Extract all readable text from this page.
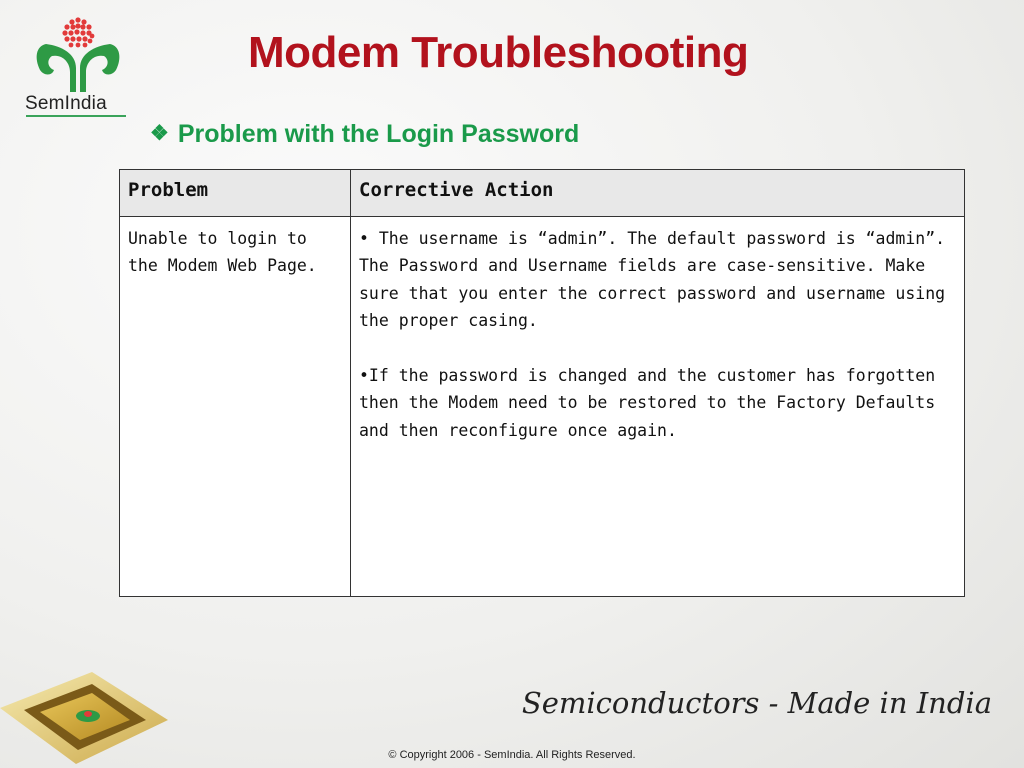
SemIndia
Modem Troubleshooting
❖ Problem with the Login Password
Problem	Corrective Action
Unable to login to the Modem Web Page.	• The username is “admin”. The default password is “admin”. The Password and Username fields are case-sensitive. Make sure that you enter the correct password and username using the proper casing.

•If the password is changed and the customer has forgotten then the Modem need to be restored to the Factory Defaults and then reconfigure once again.

Semiconductors - Made in India
© Copyright 2006 - SemIndia. All Rights Reserved.
